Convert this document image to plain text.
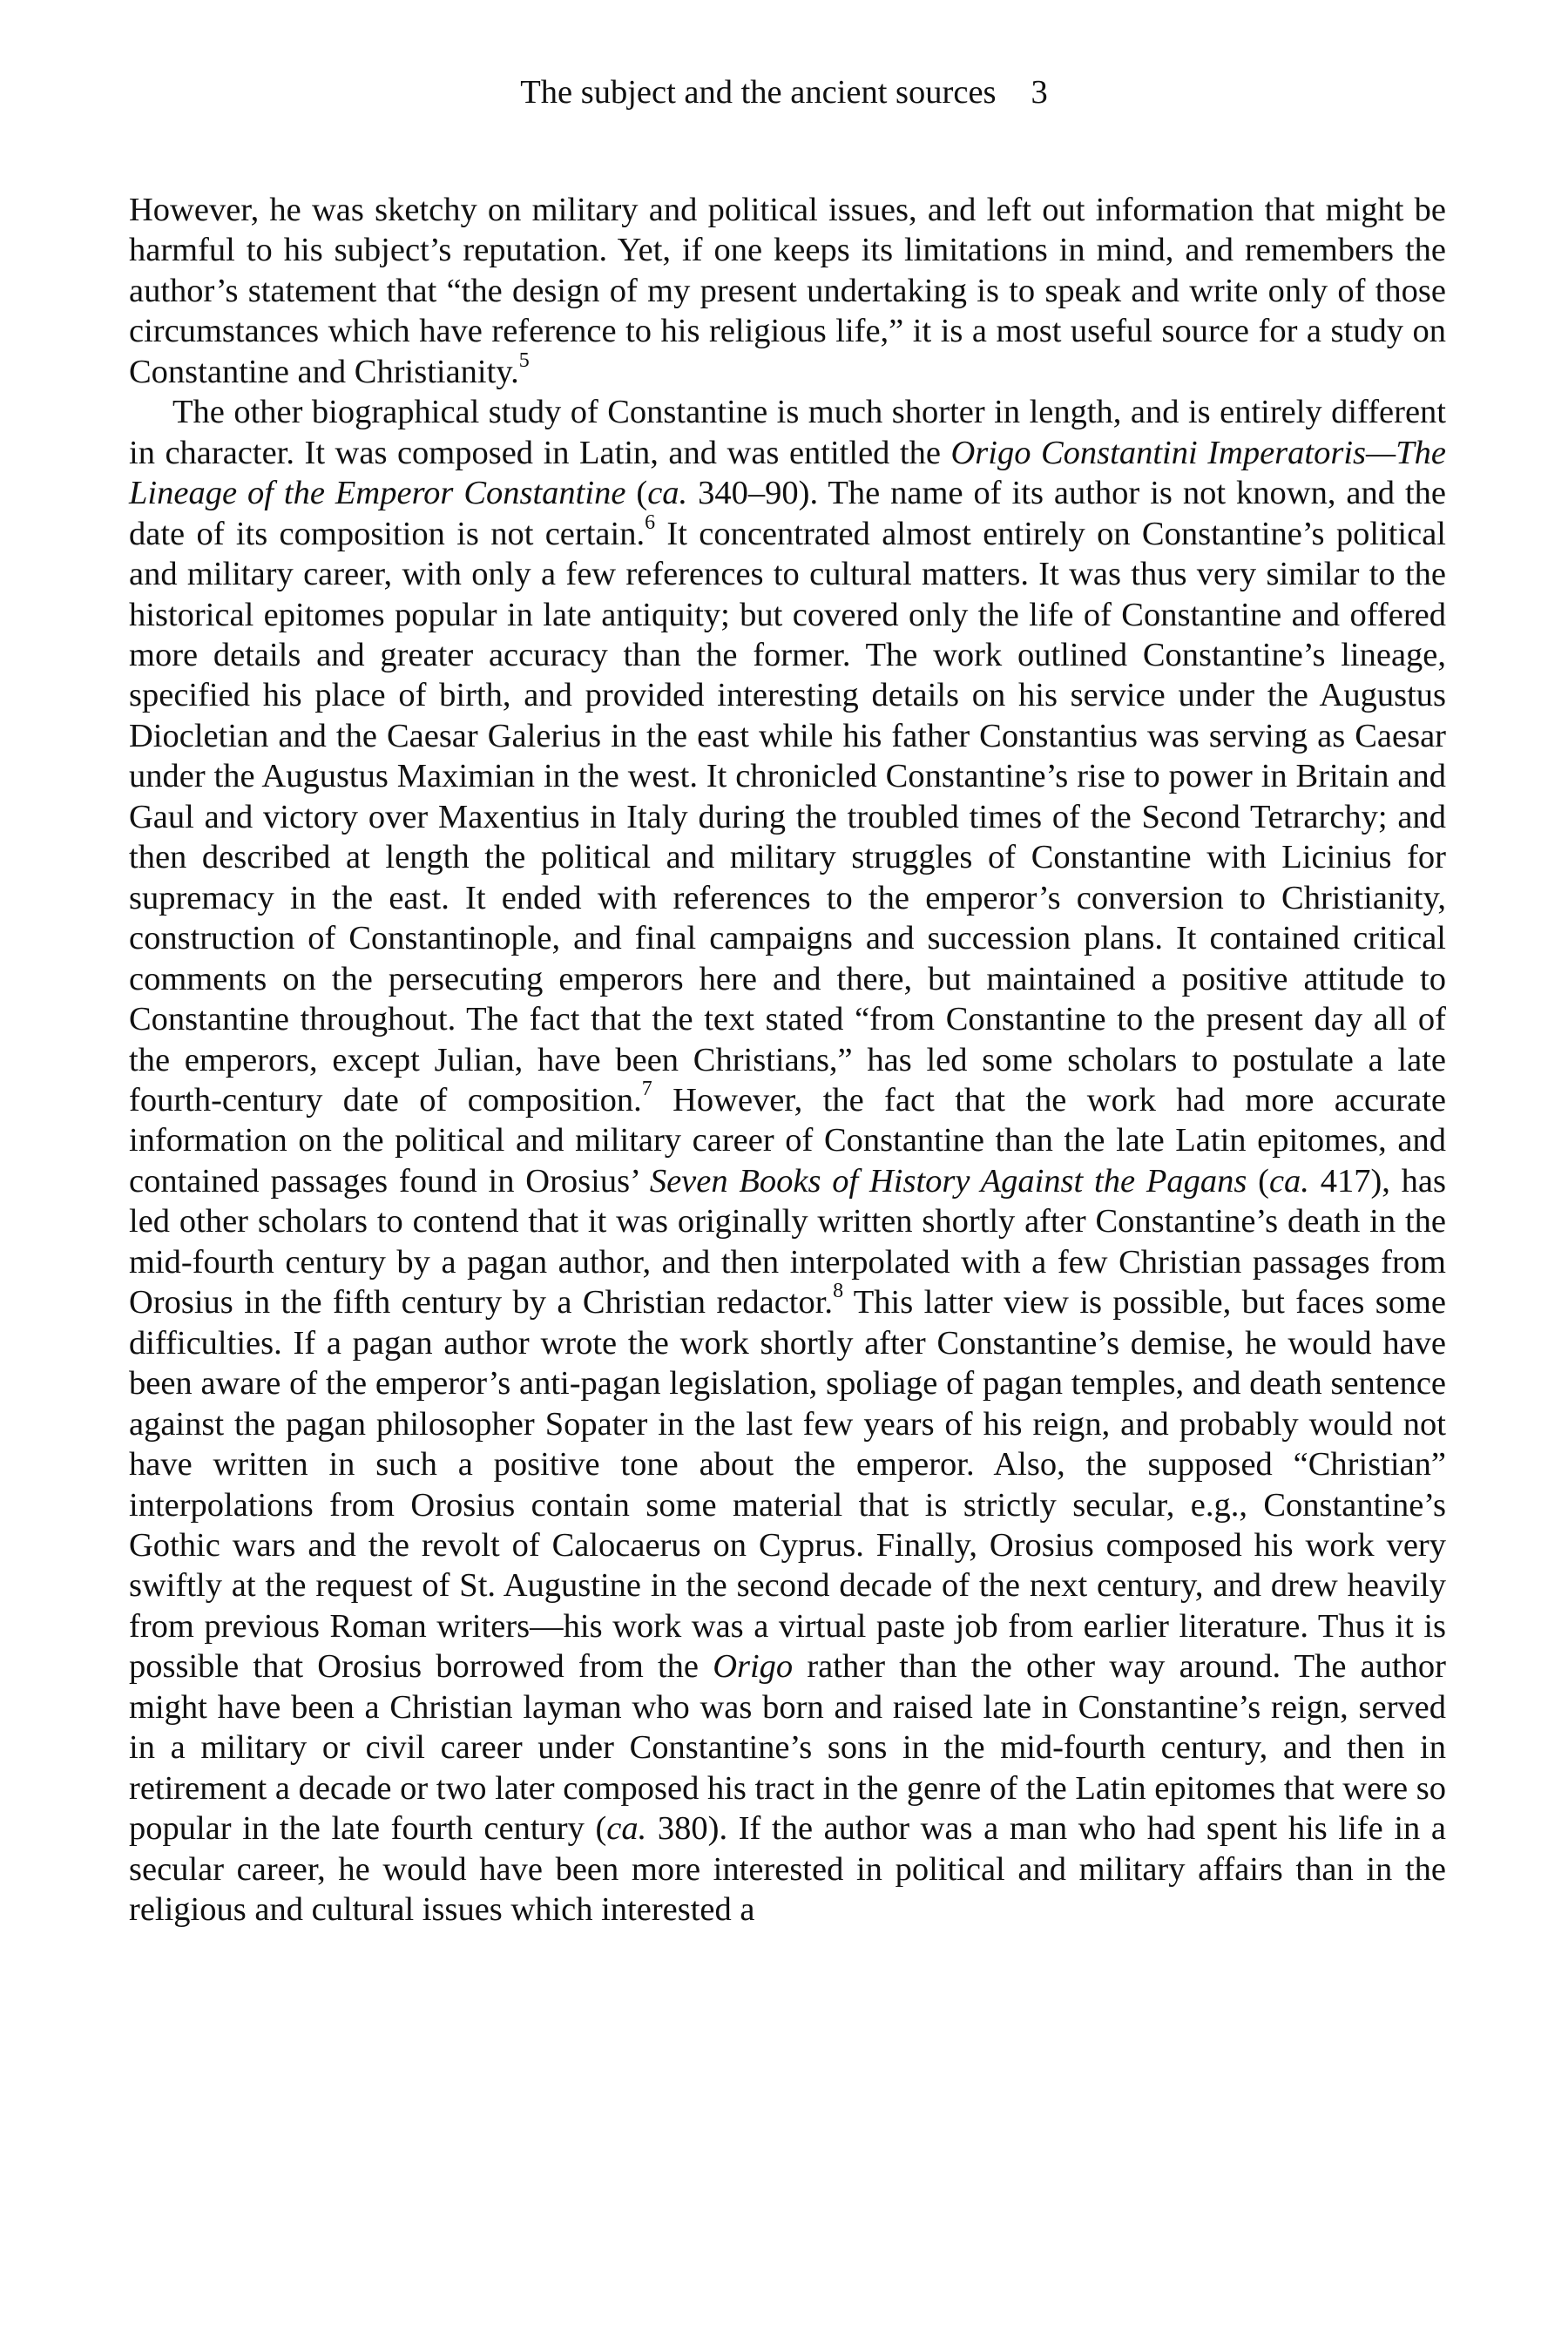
The subject and the ancient sources 3

However, he was sketchy on military and political issues, and left out information that might be harmful to his subject’s reputation. Yet, if one keeps its limitations in mind, and remembers the author’s statement that “the design of my present undertaking is to speak and write only of those circumstances which have reference to his religious life,” it is a most useful source for a study on Constantine and Christianity.$^5$

The other biographical study of Constantine is much shorter in length, and is entirely different in character. It was composed in Latin, and was entitled the Origo Constantini Imperatoris—The Lineage of the Emperor Constantine (ca. 340–90). The name of its author is not known, and the date of its composition is not certain.$^6$ It concentrated almost entirely on Constantine’s political and military career, with only a few references to cultural matters. It was thus very similar to the historical epitomes popular in late antiquity; but covered only the life of Constantine and offered more details and greater accuracy than the former. The work outlined Constantine’s lineage, specified his place of birth, and provided interesting details on his service under the Augustus Diocletian and the Caesar Galerius in the east while his father Constantius was serving as Caesar under the Augustus Maximian in the west. It chronicled Constantine’s rise to power in Britain and Gaul and victory over Maxentius in Italy during the troubled times of the Second Tetrarchy; and then described at length the political and military struggles of Constantine with Licinius for supremacy in the east. It ended with references to the emperor’s conversion to Christianity, construction of Constantinople, and final campaigns and succession plans. It contained critical comments on the persecuting emperors here and there, but maintained a positive attitude to Constantine throughout. The fact that the text stated “from Constantine to the present day all of the emperors, except Julian, have been Christians,” has led some scholars to postulate a late fourth-century date of composition.$^7$ However, the fact that the work had more accurate information on the political and military career of Constantine than the late Latin epitomes, and contained passages found in Orosius’ Seven Books of History Against the Pagans (ca. 417), has led other scholars to contend that it was originally written shortly after Constantine’s death in the mid-fourth century by a pagan author, and then interpolated with a few Christian passages from Orosius in the fifth century by a Christian redactor.$^8$ This latter view is possible, but faces some difficulties. If a pagan author wrote the work shortly after Constantine’s demise, he would have been aware of the emperor’s anti-pagan legislation, spoliage of pagan temples, and death sentence against the pagan philosopher Sopater in the last few years of his reign, and probably would not have written in such a positive tone about the emperor. Also, the supposed “Christian” interpolations from Orosius contain some material that is strictly secular, e.g., Constantine’s Gothic wars and the revolt of Calocaerus on Cyprus. Finally, Orosius composed his work very swiftly at the request of St. Augustine in the second decade of the next century, and drew heavily from previous Roman writers—his work was a virtual paste job from earlier literature. Thus it is possible that Orosius borrowed from the Origo rather than the other way around. The author might have been a Christian layman who was born and raised late in Constantine’s reign, served in a military or civil career under Constantine’s sons in the mid-fourth century, and then in retirement a decade or two later composed his tract in the genre of the Latin epitomes that were so popular in the late fourth century (ca. 380). If the author was a man who had spent his life in a secular career, he would have been more interested in political and military affairs than in the religious and cultural issues which interested a
